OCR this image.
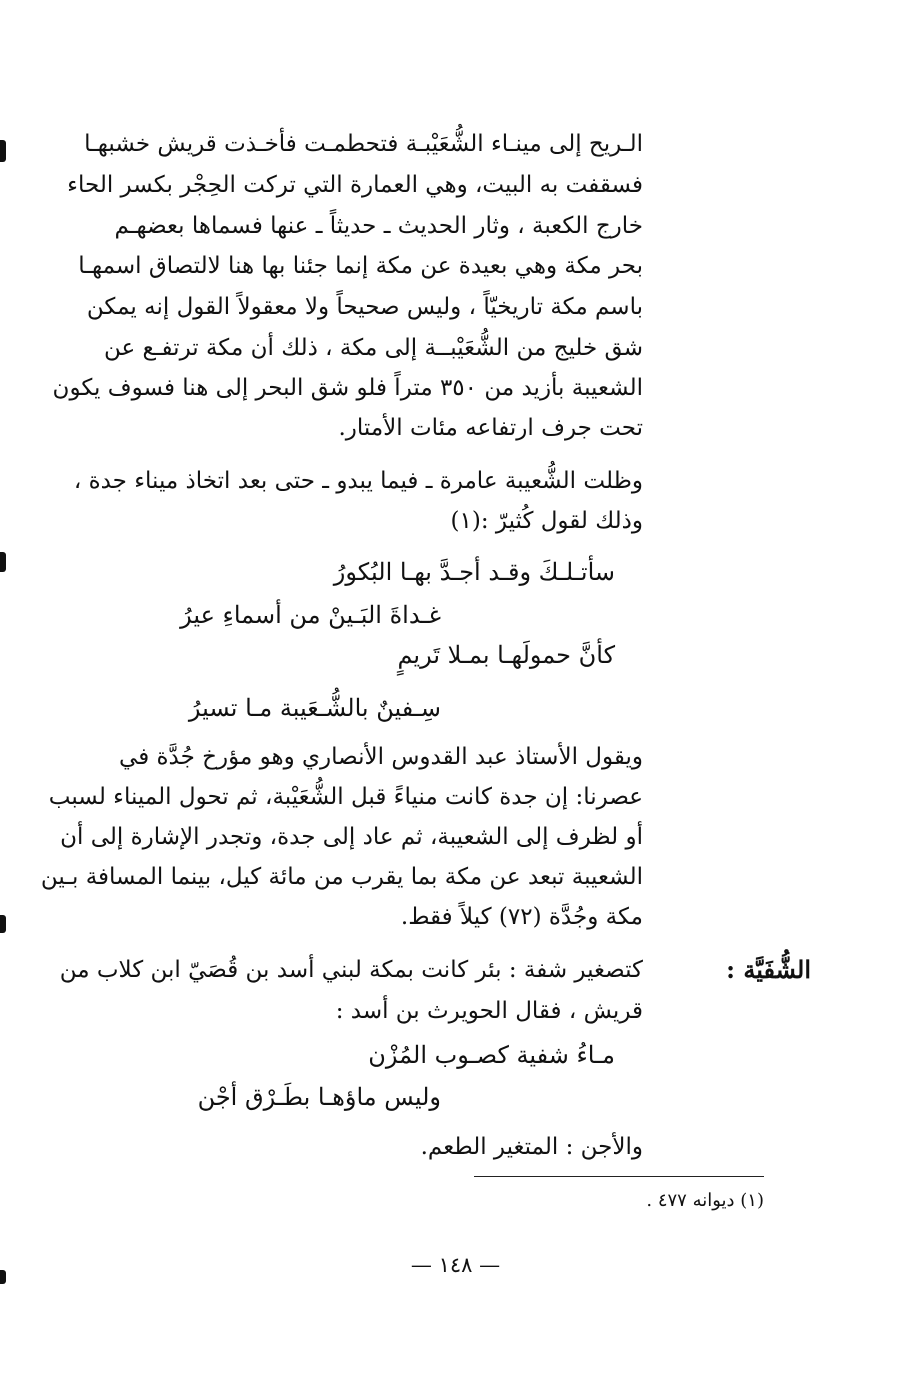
الـريح إلى مينـاء الشُّعَيْبـة فتحطمـت فأخـذت قريش خشبهـا
فسقفت به البيت، وهي العمارة التي تركت الحِجْر بكسر الحاء
خارج الكعبة ، وثار الحديث ـ حديثاً ـ عنها فسماها بعضهـم
بحر مكة وهي بعيدة عن مكة إنما جئنا بها هنا لالتصاق اسمهـا
باسم مكة تاريخيّاً ، وليس صحيحاً ولا معقولاً القول إنه يمكن
شق خليج من الشُّعَيْبــة إلى مكة ، ذلك أن مكة ترتفـع عن
الشعيبة بأزيد من ٣٥٠ متراً فلو شق البحر إلى هنا فسوف يكون
تحت جرف ارتفاعه مئات الأمتار.
وظلت الشُّعيبة عامرة ـ فيما يبدو ـ حتى بعد اتخاذ ميناء جدة ،
وذلك لقول كُثيرّ :(١)
سأتـلـكَ وقـد أجـدَّ بهـا البُكورُ
غـداةَ البَـينْ من أسماءِ عيرُ
كأنَّ حمولَهـا بمـلا تَريمٍ
سِـفينٌ بالشُّـعَيبة مـا تسيرُ
ويقول الأستاذ عبد القدوس الأنصاري وهو مؤرخ جُدَّة في
عصرنا: إن جدة كانت منياءً قبل الشُّعَيْبة، ثم تحول الميناء لسبب
أو لظرف إلى الشعيبة، ثم عاد إلى جدة، وتجدر الإشارة إلى أن
الشعيبة تبعد عن مكة بما يقرب من مائة كيل، بينما المسافة بـين
مكة وجُدَّة (٧٢) كيلاً فقط.
الشُّفَيَّة :
كتصغير شفة : بئر كانت بمكة لبني أسد بن قُصَيّ ابن كلاب من
قريش ، فقال الحويرث بن أسد :
مـاءُ شفية كصـوب المُزْن
وليس ماؤهـا بطَـرْق أجْن
والأجن : المتغير الطعم.
(١) ديوانه ٤٧٧ .
— ١٤٨ —
